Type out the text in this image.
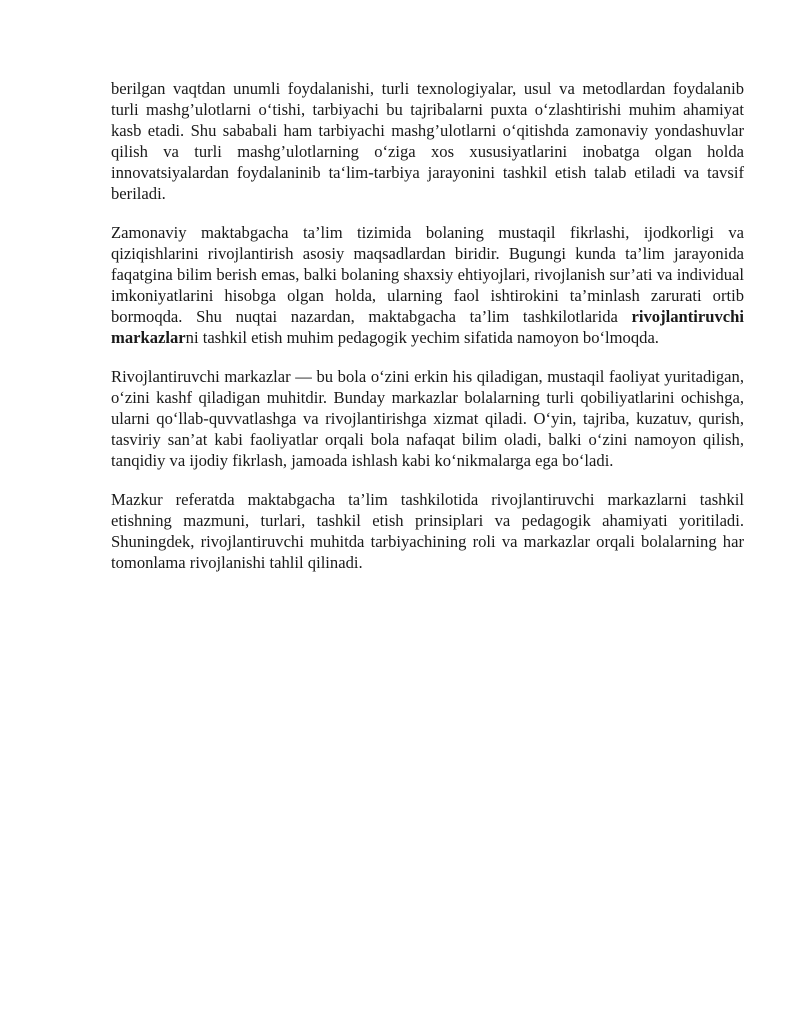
berilgan vaqtdan unumli foydalanishi, turli texnologiyalar, usul va metodlardan foydalanib turli mashg’ulotlarni o‘tishi, tarbiyachi bu tajribalarni puxta o‘zlashtirishi muhim ahamiyat kasb etadi. Shu sababali ham tarbiyachi mashg’ulotlarni o‘qitishda zamonaviy yondashuvlar qilish va turli mashg’ulotlarning o‘ziga xos xususiyatlarini inobatga olgan holda innovatsiyalardan foydalaninib ta‘lim-tarbiya jarayonini tashkil etish talab etiladi va tavsif beriladi.

Zamonaviy maktabgacha ta’lim tizimida bolaning mustaqil fikrlashi, ijodkorligi va qiziqishlarini rivojlantirish asosiy maqsadlardan biridir. Bugungi kunda ta’lim jarayonida faqatgina bilim berish emas, balki bolaning shaxsiy ehtiyojlari, rivojlanish sur’ati va individual imkoniyatlarini hisobga olgan holda, ularning faol ishtirokini ta’minlash zarurati ortib bormoqda. Shu nuqtai nazardan, maktabgacha ta’lim tashkilotlarida rivojlantiruvchi markazlarni tashkil etish muhim pedagogik yechim sifatida namoyon bo‘lmoqda.

Rivojlantiruvchi markazlar — bu bola o‘zini erkin his qiladigan, mustaqil faoliyat yuritadigan, o‘zini kashf qiladigan muhitdir. Bunday markazlar bolalarning turli qobiliyatlarini ochishga, ularni qo‘llab-quvvatlashga va rivojlantirishga xizmat qiladi. O‘yin, tajriba, kuzatuv, qurish, tasviriy san’at kabi faoliyatlar orqali bola nafaqat bilim oladi, balki o‘zini namoyon qilish, tanqidiy va ijodiy fikrlash, jamoada ishlash kabi ko‘nikmalarga ega bo‘ladi.

Mazkur referatda maktabgacha ta’lim tashkilotida rivojlantiruvchi markazlarni tashkil etishning mazmuni, turlari, tashkil etish prinsiplari va pedagogik ahamiyati yoritiladi. Shuningdek, rivojlantiruvchi muhitda tarbiyachining roli va markazlar orqali bolalarning har tomonlama rivojlanishi tahlil qilinadi.
